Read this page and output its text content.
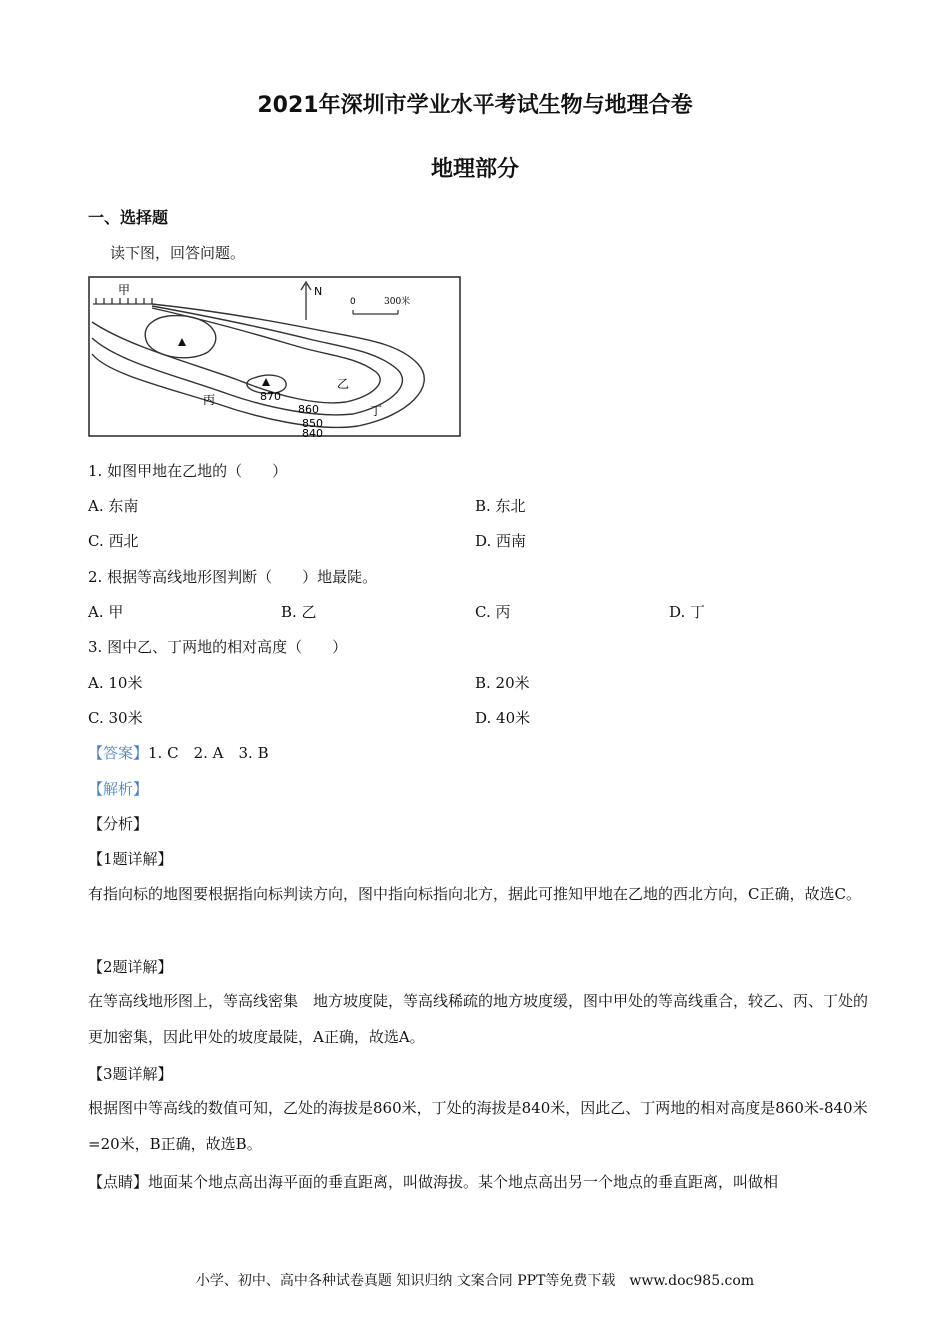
2021年深圳市学业水平考试生物与地理合卷
地理部分
一、选择题
读下图，回答问题。
N
0	300米
甲
乙
丙
丁
870
860
850
840
1. 如图甲地在乙地的（　　）
A. 东南	B. 东北
C. 西北	D. 西南
2. 根据等高线地形图判断（　　）地最陡。
A. 甲	B. 乙	C. 丙	D. 丁
3. 图中乙、丁两地的相对高度（　　）
A. 10米	B. 20米
C. 30米	D. 40米
【答案】1. C　2. A　3. B
【解析】
【分析】
【1题详解】
有指向标的地图要根据指向标判读方向，图中指向标指向北方，据此可推知甲地在乙地的西北方向，C正确，故选C。
【2题详解】
在等高线地形图上，等高线密集　地方坡度陡，等高线稀疏的地方坡度缓，图中甲处的等高线重合，较乙、丙、丁处的更加密集，因此甲处的坡度最陡，A正确，故选A。
【3题详解】
根据图中等高线的数值可知，乙处的海拔是860米，丁处的海拔是840米，因此乙、丁两地的相对高度是860米-840米=20米，B正确，故选B。
【点睛】地面某个地点高出海平面的垂直距离，叫做海拔。某个地点高出另一个地点的垂直距离，叫做相
小学、初中、高中各种试卷真题 知识归纳 文案合同 PPT等免费下载　www.doc985.com
